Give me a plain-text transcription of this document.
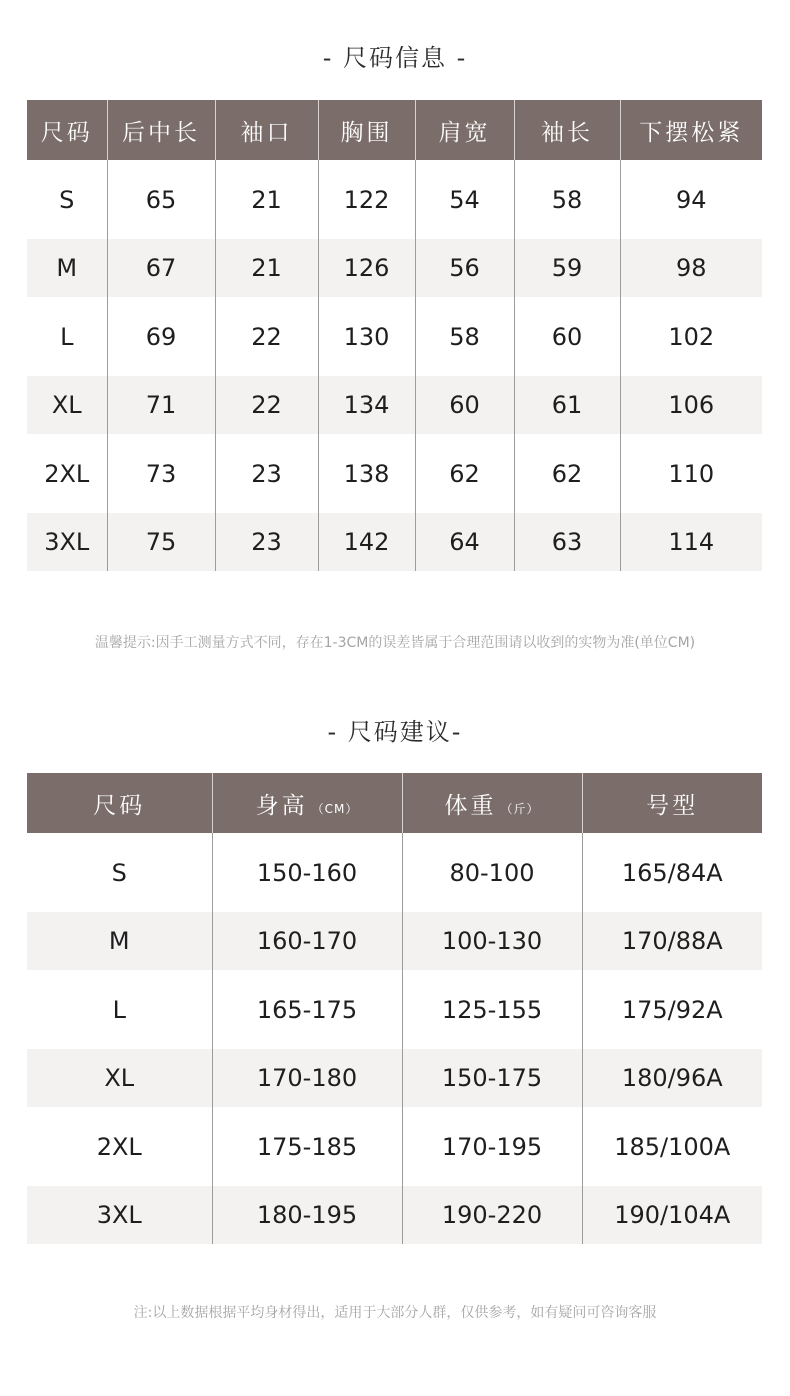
- 尺码信息 -
尺码	后中长	袖口	胸围	肩宽	袖长	下摆松紧
S	65	21	122	54	58	94
M	67	21	126	56	59	98
L	69	22	130	58	60	102
XL	71	22	134	60	61	106
2XL	73	23	138	62	62	110
3XL	75	23	142	64	63	114
温馨提示:因手工测量方式不同，存在1-3CM的误差皆属于合理范围请以收到的实物为准(单位CM)
- 尺码建议-
尺码	身高 （CM）	体重 （斤）	号型
S	150-160	80-100	165/84A
M	160-170	100-130	170/88A
L	165-175	125-155	175/92A
XL	170-180	150-175	180/96A
2XL	175-185	170-195	185/100A
3XL	180-195	190-220	190/104A
注:以上数据根据平均身材得出，适用于大部分人群，仅供参考，如有疑问可咨询客服
